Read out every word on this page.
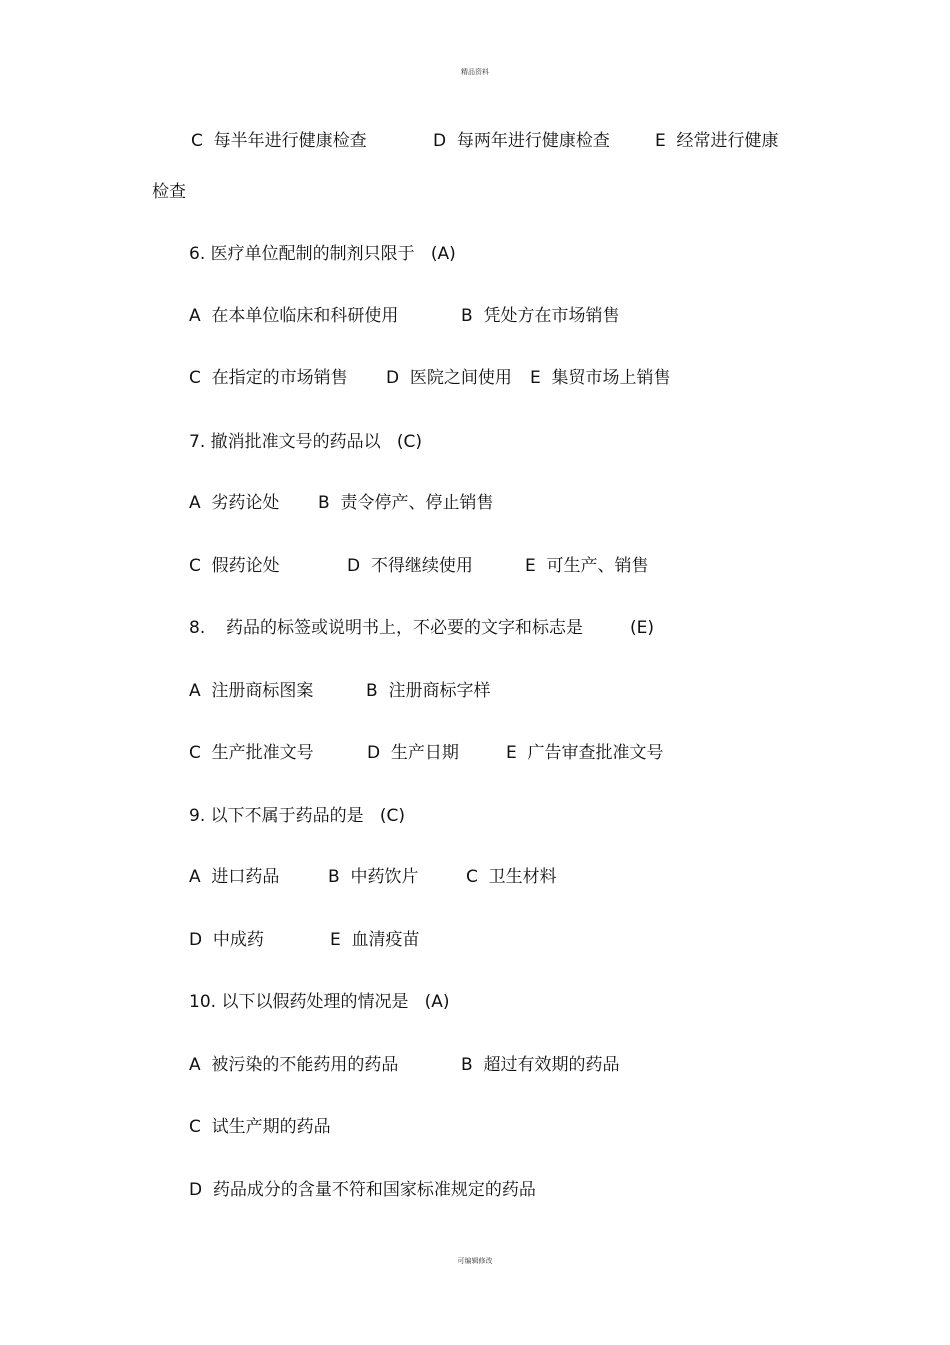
精品资料

C  每半年进行健康检查

	D  每两年进行健康检查

	E  经常进行健康

检查

6. 医疗单位配制的制剂只限于   (A)

A  在本单位临床和科研使用

	B  凭处方在市场销售

C  在指定的市场销售

D  医院之间使用

E  集贸市场上销售

7. 撤消批准文号的药品以   (C)

A  劣药论处

B  责令停产、停止销售

C  假药论处

	D  不得继续使用

	E  可生产、销售

8.

药品的标签或说明书上，不必要的文字和标志是

	(E)

A  注册商标图案

	B  注册商标字样

C  生产批准文号

	D  生产日期

	E  广告审查批准文号

9. 以下不属于药品的是   (C)

A  进口药品

	B  中药饮片

	C  卫生材料

D  中成药

	E  血清疫苗

10. 以下以假药处理的情况是   (A)

A  被污染的不能药用的药品

	B  超过有效期的药品

C  试生产期的药品

D  药品成分的含量不符和国家标准规定的药品

可编辑修改
